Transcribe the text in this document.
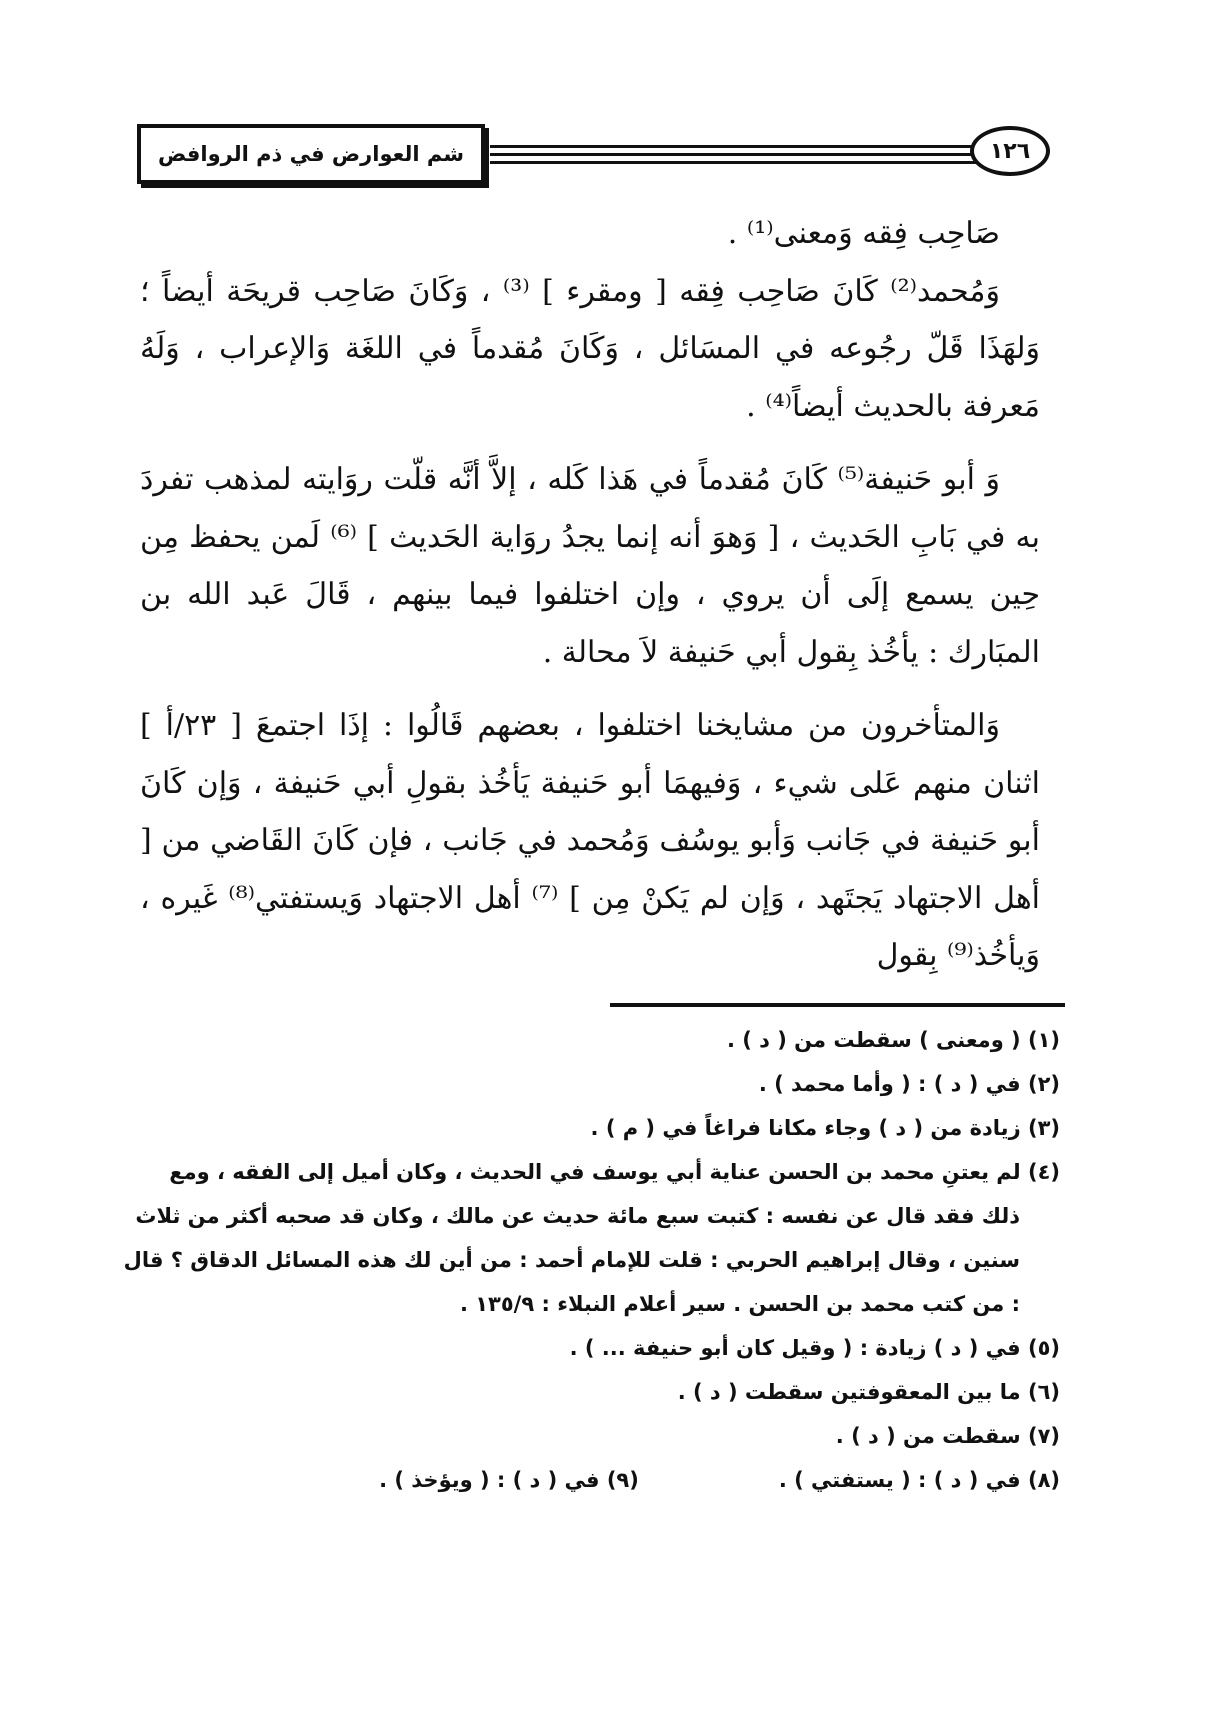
شم العوارض في ذم الروافض	١٢٦

صَاحِب فِقه وَمعنى⁽¹⁾ .

وَمُحمد⁽²⁾ كَانَ صَاحِب فِقه [ ومقرء ] ⁽³⁾ ، وَكَانَ صَاحِب قريحَة أيضاً ؛ وَلهَذَا قَلّ رجُوعه في المسَائل ، وَكَانَ مُقدماً في اللغَة وَالإعراب ، وَلَهُ مَعرفة بالحديث أيضاً⁽⁴⁾ .

وَ أبو حَنيفة⁽⁵⁾ كَانَ مُقدماً في هَذا كَله ، إلاَّ أنَّه قلّت روَايته لمذهب تفردَ به في بَابِ الحَديث ، [ وَهوَ أنه إنما يجدُ روَاية الحَديث ] ⁽⁶⁾ لَمن يحفظ مِن حِين يسمع إلَى أن يروي ، وإن اختلفوا فيما بينهم ، قَالَ عَبد الله بن المبَارك : يأخُذ بِقول أبي حَنيفة لاَ محالة .

وَالمتأخرون من مشايخنا اختلفوا ، بعضهم قَالُوا : إذَا اجتمعَ [ ٢٣/أ ] اثنان منهم عَلى شيء ، وَفيهمَا أبو حَنيفة يَأخُذ بقولِ أبي حَنيفة ، وَإن كَانَ أبو حَنيفة في جَانب وَأبو يوسُف وَمُحمد في جَانب ، فإن كَانَ القَاضي من [ أهل الاجتهاد يَجتَهد ، وَإن لم يَكنْ مِن ] ⁽⁷⁾ أهل الاجتهاد وَيستفتي⁽⁸⁾ غَيره ، وَيأخُذ⁽⁹⁾ بِقول

(١) ( ومعنى ) سقطت من ( د ) .

(٢) في ( د ) : ( وأما محمد ) .

(٣) زيادة من ( د ) وجاء مكانا فراغاً في ( م ) .

(٤) لم يعتنِ محمد بن الحسن عناية أبي يوسف في الحديث ، وكان أميل إلى الفقه ، ومع
ذلك فقد قال عن نفسه : كتبت سبع مائة حديث عن مالك ، وكان قد صحبه أكثر من ثلاث سنين ، وقال إبراهيم الحربي : قلت للإمام أحمد : من أين لك هذه المسائل الدقاق ؟ قال : من كتب محمد بن الحسن . سير أعلام النبلاء : ١٣٥/٩ .

(٥) في ( د ) زيادة : ( وقيل كان أبو حنيفة ... ) .

(٦) ما بين المعقوفتين سقطت ( د ) .

(٧) سقطت من ( د ) .

(٨) في ( د ) : ( يستفتي ) .

(٩) في ( د ) : ( ويؤخذ ) .
